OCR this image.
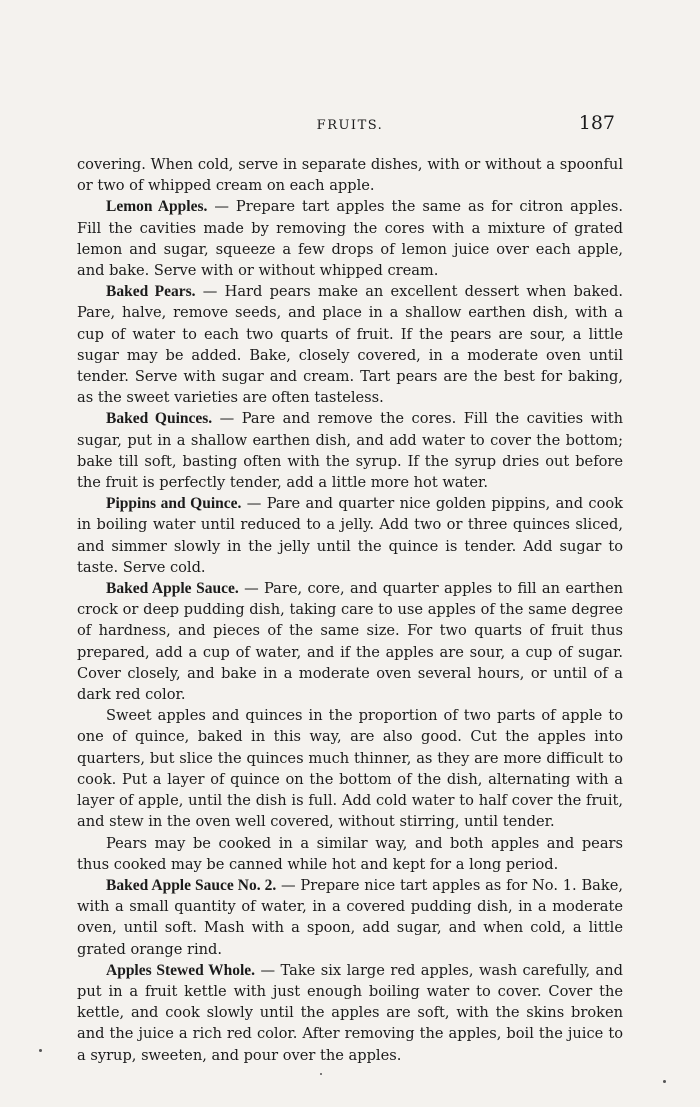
FRUITS.	187

covering. When cold, serve in separate dishes, with or without a spoonful or two of whipped cream on each apple.

Lemon Apples. — Prepare tart apples the same as for citron apples. Fill the cavities made by removing the cores with a mixture of grated lemon and sugar, squeeze a few drops of lemon juice over each apple, and bake. Serve with or without whipped cream.

Baked Pears. — Hard pears make an excellent dessert when baked. Pare, halve, remove seeds, and place in a shallow earthen dish, with a cup of water to each two quarts of fruit. If the pears are sour, a little sugar may be added. Bake, closely covered, in a moderate oven until tender. Serve with sugar and cream. Tart pears are the best for baking, as the sweet varieties are often tasteless.

Baked Quinces. — Pare and remove the cores. Fill the cavities with sugar, put in a shallow earthen dish, and add water to cover the bottom; bake till soft, basting often with the syrup. If the syrup dries out before the fruit is perfectly tender, add a little more hot water.

Pippins and Quince. — Pare and quarter nice golden pippins, and cook in boiling water until reduced to a jelly. Add two or three quinces sliced, and simmer slowly in the jelly until the quince is tender. Add sugar to taste. Serve cold.

Baked Apple Sauce. — Pare, core, and quarter apples to fill an earthen crock or deep pudding dish, taking care to use apples of the same degree of hardness, and pieces of the same size. For two quarts of fruit thus prepared, add a cup of water, and if the apples are sour, a cup of sugar. Cover closely, and bake in a moderate oven several hours, or until of a dark red color.

Sweet apples and quinces in the proportion of two parts of apple to one of quince, baked in this way, are also good. Cut the apples into quarters, but slice the quinces much thinner, as they are more difficult to cook. Put a layer of quince on the bottom of the dish, alternating with a layer of apple, until the dish is full. Add cold water to half cover the fruit, and stew in the oven well covered, without stirring, until tender.

Pears may be cooked in a similar way, and both apples and pears thus cooked may be canned while hot and kept for a long period.

Baked Apple Sauce No. 2. — Prepare nice tart apples as for No. 1. Bake, with a small quantity of water, in a covered pudding dish, in a moderate oven, until soft. Mash with a spoon, add sugar, and when cold, a little grated orange rind.

Apples Stewed Whole. — Take six large red apples, wash carefully, and put in a fruit kettle with just enough boiling water to cover. Cover the kettle, and cook slowly until the apples are soft, with the skins broken and the juice a rich red color. After removing the apples, boil the juice to a syrup, sweeten, and pour over the apples.
